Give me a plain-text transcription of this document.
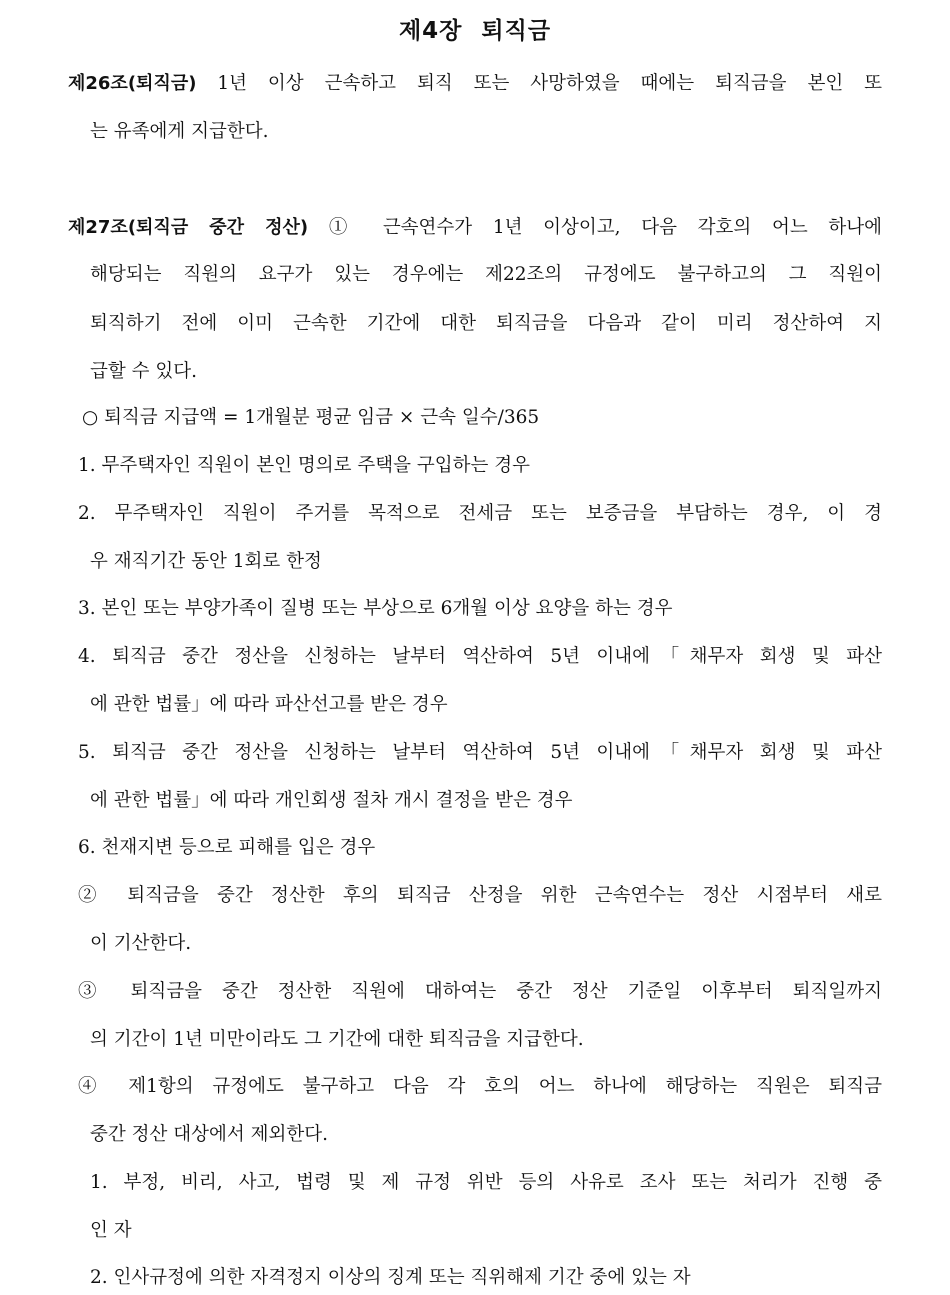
제4장 퇴직금

제26조(퇴직금) 1년 이상 근속하고 퇴직 또는 사망하였을 때에는 퇴직금을 본인 또

는 유족에게 지급한다.

제27조(퇴직금 중간 정산) ① 근속연수가 1년 이상이고, 다음 각호의 어느 하나에

해당되는 직원의 요구가 있는 경우에는 제22조의 규정에도 불구하고의 그 직원이

퇴직하기 전에 이미 근속한 기간에 대한 퇴직금을 다음과 같이 미리 정산하여 지

급할 수 있다.

○ 퇴직금 지급액 = 1개월분 평균 임금 × 근속 일수/365

1. 무주택자인 직원이 본인 명의로 주택을 구입하는 경우

2. 무주택자인 직원이 주거를 목적으로 전세금 또는 보증금을 부담하는 경우, 이 경

우 재직기간 동안 1회로 한정

3. 본인 또는 부양가족이 질병 또는 부상으로 6개월 이상 요양을 하는 경우

4. 퇴직금 중간 정산을 신청하는 날부터 역산하여 5년 이내에「채무자 회생 및 파산

에 관한 법률」에 따라 파산선고를 받은 경우

5. 퇴직금 중간 정산을 신청하는 날부터 역산하여 5년 이내에「채무자 회생 및 파산

에 관한 법률」에 따라 개인회생 절차 개시 결정을 받은 경우

6. 천재지변 등으로 피해를 입은 경우

② 퇴직금을 중간 정산한 후의 퇴직금 산정을 위한 근속연수는 정산 시점부터 새로

이 기산한다.

③ 퇴직금을 중간 정산한 직원에 대하여는 중간 정산 기준일 이후부터 퇴직일까지

의 기간이 1년 미만이라도 그 기간에 대한 퇴직금을 지급한다.

④ 제1항의 규정에도 불구하고 다음 각 호의 어느 하나에 해당하는 직원은 퇴직금

중간 정산 대상에서 제외한다.

1. 부정, 비리, 사고, 법령 및 제 규정 위반 등의 사유로 조사 또는 처리가 진행 중

인 자

2. 인사규정에 의한 자격정지 이상의 징계 또는 직위해제 기간 중에 있는 자
